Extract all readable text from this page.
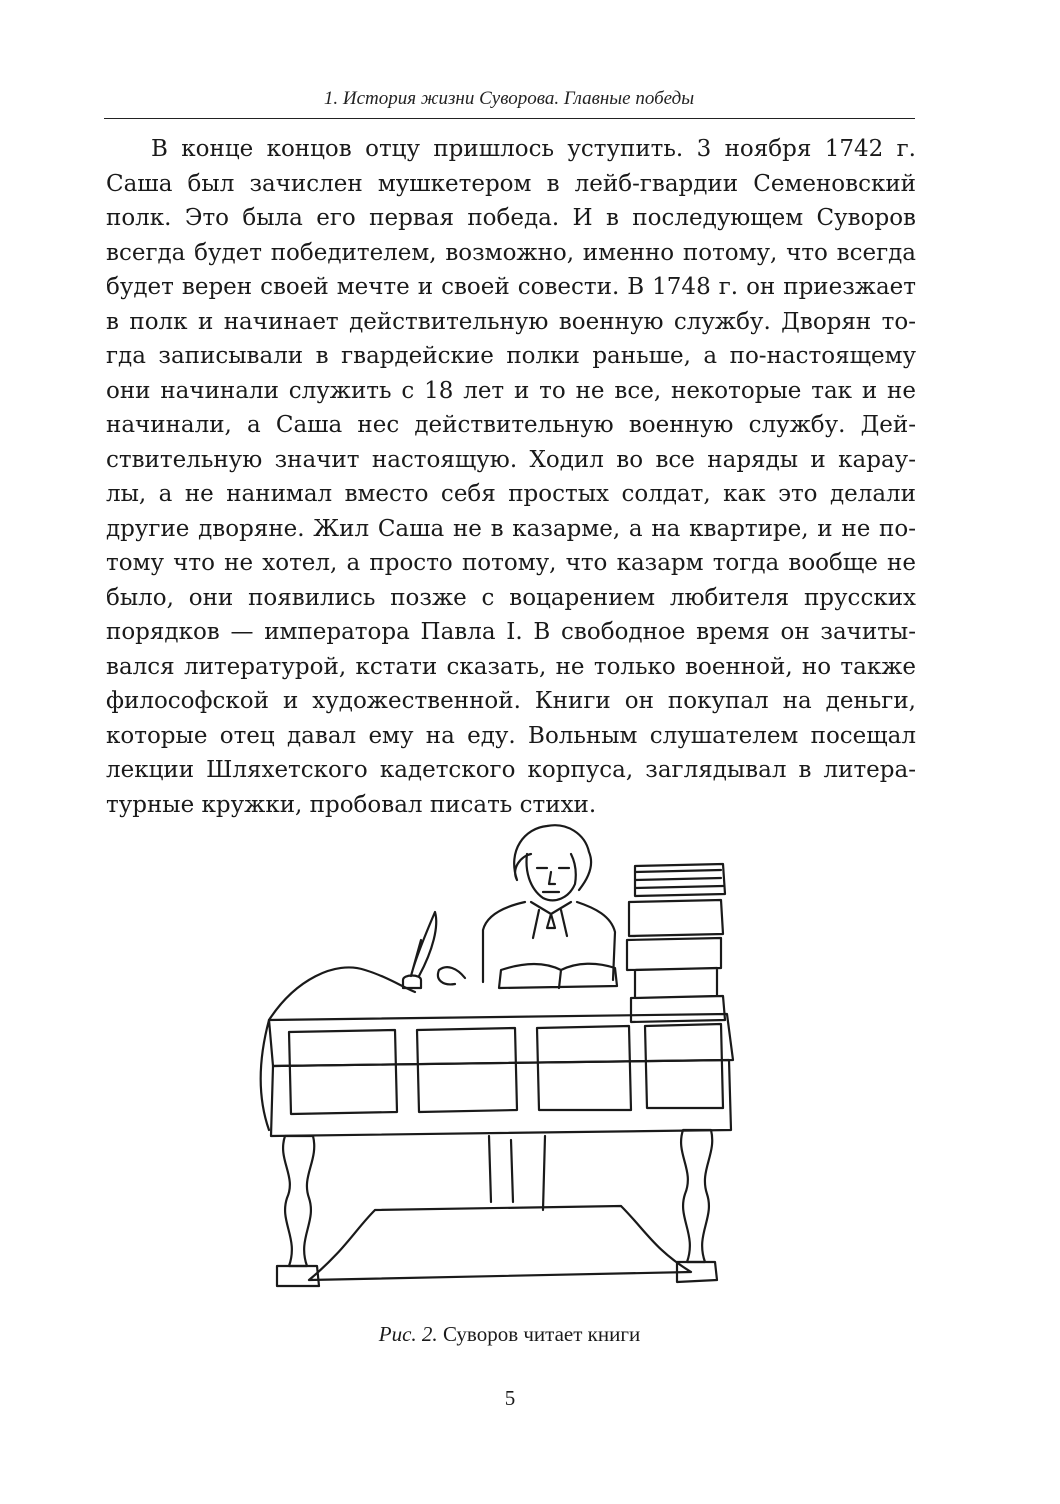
1. История жизни Суворова. Главные победы
В конце концов отцу пришлось уступить. 3 ноября 1742 г.
Саша был зачислен мушкетером в лейб-гвардии Семеновский
полк. Это была его первая победа. И в последующем Суворов
всегда будет победителем, возможно, именно потому, что всегда
будет верен своей мечте и своей совести. В 1748 г. он приезжает
в полк и начинает действительную военную службу. Дворян то-
гда записывали в гвардейские полки раньше, а по-настоящему
они начинали служить с 18 лет и то не все, некоторые так и не
начинали, а Саша нес действительную военную службу. Дей-
ствительную значит настоящую. Ходил во все наряды и карау-
лы, а не нанимал вместо себя простых солдат, как это делали
другие дворяне. Жил Саша не в казарме, а на квартире, и не по-
тому что не хотел, а просто потому, что казарм тогда вообще не
было, они появились позже с воцарением любителя прусских
порядков — императора Павла I. В свободное время он зачиты-
вался литературой, кстати сказать, не только военной, но также
философской и художественной. Книги он покупал на деньги,
которые отец давал ему на еду. Вольным слушателем посещал
лекции Шляхетского кадетского корпуса, заглядывал в литера-
турные кружки, пробовал писать стихи.
Рис. 2. Суворов читает книги
5
